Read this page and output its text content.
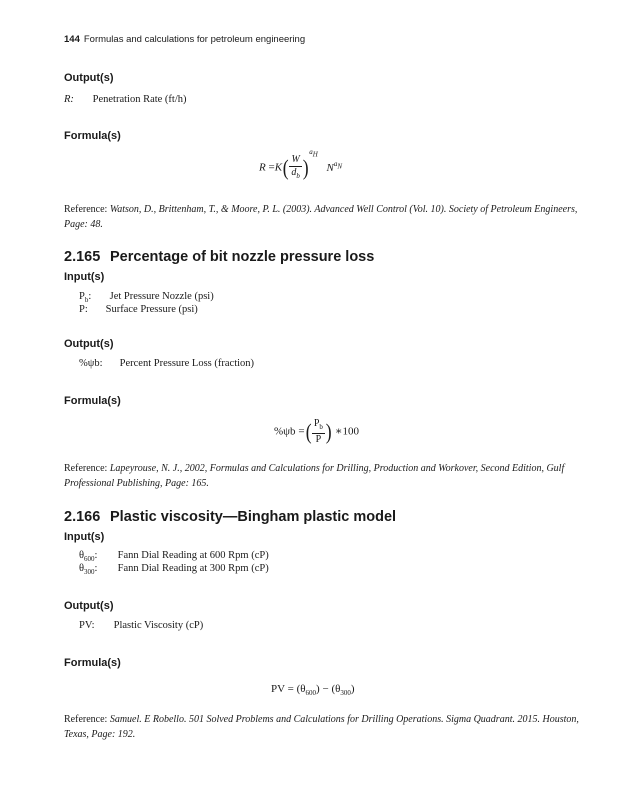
144 Formulas and calculations for petroleum engineering
Output(s)
R: Penetration Rate (ft/h)
Formula(s)
$R =K( \frac{W}{d_b} )^{a_H}$ $N^{a_N}$
Reference: Watson, D., Brittenham, T., & Moore, P. L. (2003). Advanced Well Control (Vol. 10). Society of Petroleum Engineers, Page: 48.
2.165 Percentage of bit nozzle pressure loss
Input(s)
$P_b$: Jet Pressure Nozzle (psi)
P: Surface Pressure (psi)
Output(s)
%ψb: Percent Pressure Loss (fraction)
Formula(s)
%ψb =( $\frac{P_b}{P}$ ) ∗100
Reference: Lapeyrouse, N. J., 2002, Formulas and Calculations for Drilling, Production and Workover, Second Edition, Gulf Professional Publishing, Page: 165.
2.166 Plastic viscosity—Bingham plastic model
Input(s)
$\theta_{600}$: Fann Dial Reading at 600 Rpm (cP)
$\theta_{300}$: Fann Dial Reading at 300 Rpm (cP)
Output(s)
PV: Plastic Viscosity (cP)
Formula(s)
PV = $(\theta_{600}) - (\theta_{300})$
Reference: Samuel. E Robello. 501 Solved Problems and Calculations for Drilling Operations. Sigma Quadrant. 2015. Houston, Texas, Page: 192.
